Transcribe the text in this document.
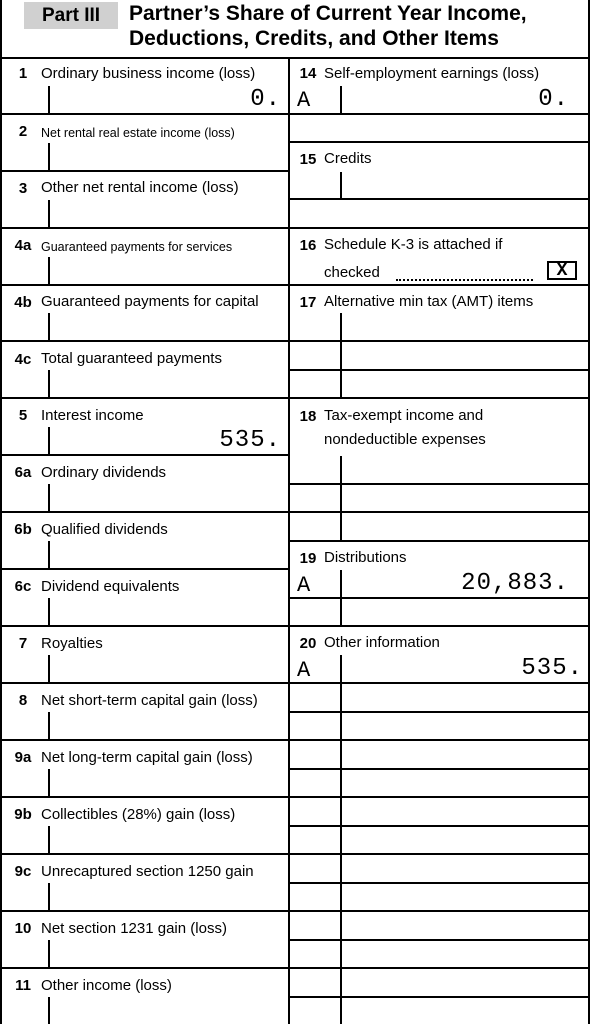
Part III	Partner’s Share of Current Year Income,
Deductions, Credits, and Other Items
1 Ordinary business income (loss)
0.
2	Net rental real estate income (loss)
3 Other net rental income (loss)
4a Guaranteed payments for services
4b Guaranteed payments for capital
4c Total guaranteed payments
5 Interest income
535.
6a Ordinary dividends
6b Qualified dividends
6c Dividend equivalents
7 Royalties
8 Net short-term capital gain (loss)
9a Net long-term capital gain (loss)
9b Collectibles (28%) gain (loss)
9c Unrecaptured section 1250 gain
10 Net section 1231 gain (loss)
11 Other income (loss)
14 Self-employment earnings (loss)
A	0.
15 Credits
16 Schedule K-3 is attached if
checked	X
17 Alternative min tax (AMT) items
18 Tax-exempt income and
nondeductible expenses
19 Distributions
A	20,883.
20 Other information
A	535.
